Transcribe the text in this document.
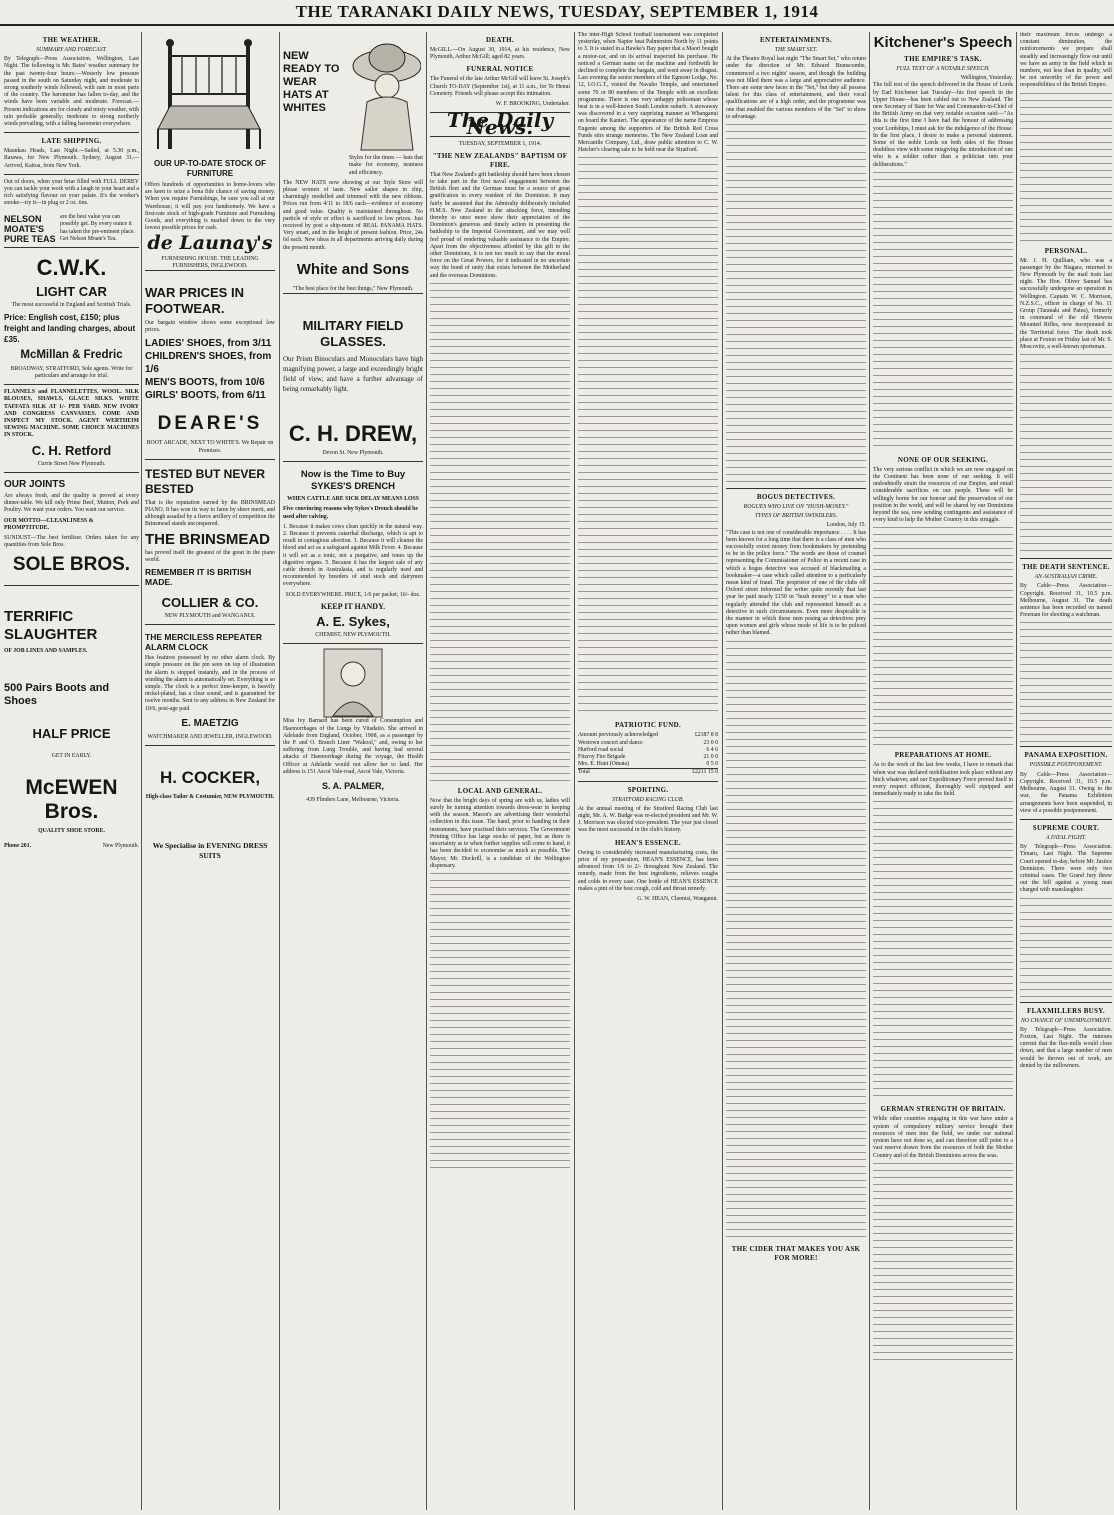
THE TARANAKI DAILY NEWS, TUESDAY, SEPTEMBER 1, 1914
THE WEATHER.
SUMMARY AND FORECAST.
By Telegraph—Press Association. Wellington, Last Night. The following is Mr. Bates' weather summary for the past twenty-four hours:—Westerly low pressure passed in the south on Saturday night, and moderate to strong southerly winds followed, with rain in most parts of the country. The barometer has fallen to-day, and the winds have been variable and moderate. Forecast.—Present indications are for cloudy and misty weather, with rain probable generally; moderate to strong northerly winds prevailing, with a falling barometer everywhere.
LATE SHIPPING.
Maunkau Heads, Last Night.—Sailed, at 5.30 p.m., Rarawa, for New Plymouth. Sydney, August 31.—Arrived, Kaitoa, from New York.
Out of doors, when your briar filled with FULL DERBY you can tackle your work with a laugh in your heart and a rich satisfying flavour on your palate. It's the worker's smoke—try it—in plug or 2 oz. tins.
NELSON MOATE'S PURE TEAS
are the best value you can possibly get. By every ounce it has taken the pre-eminent place. Get Nelson Moate's Tea.
C.W.K.
LIGHT CAR
The most successful in England and Scottish Trials.
Price: English cost, £150; plus freight and landing charges, about £35.
McMillan & Fredric
BROADWAY, STRATFORD, Sole agents. Write for particulars and arrange for trial.
FLANNELS and FLANNELETTES, WOOL. SILK BLOUSES, SHAWLS, GLACE SILKS. WHITE TAFFATA SILK AT 1/- PER YARD. NEW IVORY AND CONGRESS CANVASSES. COME AND INSPECT MY STOCK. AGENT WERTHEIM SEWING MACHINE. SOME CHOICE MACHINES IN STOCK.
C. H. Retford
Currie Street New Plymouth.
OUR JOINTS
Are always fresh, and the quality is proved at every dinner-table. We kill only Prime Beef, Mutton, Pork and Poultry. We want your orders. You want our service.
OUR MOTTO—CLEANLINESS & PROMPTITUDE.
SUNDUST—The best fertiliser. Orders taken for any quantities from Sole Bros.
SOLE BROS.
TERRIFIC SLAUGHTER
OF JOB LINES AND SAMPLES.
500 Pairs Boots and Shoes
HALF PRICE
GET IN EARLY.
McEWEN Bros.
QUALITY SHOE STORE.
Phone 201.	New Plymouth.
OUR UP-TO-DATE STOCK OF FURNITURE
Offers hundreds of opportunities to home-lovers who are keen to seize a bona fide chance of saving money. When you require Furnishings, be sure you call at our Warehouse; it will pay you handsomely. We have a first-rate stock of high-grade Furniture and Furnishing Goods, and everything is marked down to the very lowest possible prices for cash.
de Launay's
FURNISHING HOUSE. THE LEADING FURNISHERS, INGLEWOOD.
WAR PRICES IN FOOTWEAR.
Our bargain window shows some exceptional low prices.
LADIES' SHOES, from 3/11
CHILDREN'S SHOES, from 1/6
MEN'S BOOTS, from 10/6
GIRLS' BOOTS, from 6/11
DEARE'S
BOOT ARCADE, NEXT TO WHITE'S. We Repair on Premises.
TESTED BUT NEVER BESTED
That is the reputation earned by the BRINSMEAD PIANO. It has won its way to fame by sheer merit, and although assailed by a fierce artillery of competition the Brinsmead stands unconquered.
THE BRINSMEAD
has proved itself the greatest of the great in the piano world.
REMEMBER IT IS BRITISH MADE.
COLLIER & CO.
NEW PLYMOUTH and WANGANUI.
THE MERCILESS REPEATER ALARM CLOCK
Has features possessed by no other alarm clock. By simple pressure on the pin seen on top of illustration the alarm is stopped instantly, and in the process of winding the alarm is automatically set. Everything is so simple. The clock is a perfect time-keeper, is heavily nickel-plated, has a clear sound, and is guaranteed for twelve months. Sent to any address in New Zealand for 10/6, post-age paid.
E. MAETZIG
WATCHMAKER AND JEWELLER, INGLEWOOD.
H. COCKER,
High-class Tailor & Costumier, NEW PLYMOUTH.
We Specialise in EVENING DRESS SUITS
NEW READY TO WEAR HATS AT WHITES
Styles for the times — hats that make for economy, neatness and efficiency.
The NEW HATS now showing at our Style Store will please women of taste. New sailor shapes in chip, charmingly modelled and trimmed with the new ribbons. Prices run from 4/11 to 18/6 each—evidence of economy and good value. Quality is maintained throughout. No particle of style or effect is sacrificed to low prices. Just received by post a ship-ment of REAL PANAMA HATS. Very smart, and in the height of present fashion. Price, 24s 6d each. New ideas in all departments arriving daily during the present month.
White and Sons
"The best place for the best things," New Plymouth.
MILITARY FIELD GLASSES.
Our Prism Binoculars and Monoculars have high magnifying power, a large and exceedingly bright field of view, and have a further advantage of being remarkably light.
C. H. DREW,
Devon St. New Plymouth.
Now is the Time to Buy SYKES'S DRENCH
WHEN CATTLE ARE SICK DELAY MEANS LOSS
Five convincing reasons why Sykes's Drench should be used after calving.
1. Because it makes cows clean quickly in the natural way. 2. Because it prevents catarrhal discharge, which is apt to result in contagious abortion. 3. Because it will cleanse the blood and act as a safeguard against Milk Fever. 4. Because it will act as a tonic, not a purgative, and tones up the digestive organs. 5. Because it has the largest sale of any cattle drench in Australasia, and is regularly used and recommended by breeders of stud stock and dairymen everywhere.
SOLD EVERYWHERE. PRICE, 1/6 per packet; 16/- doz.
KEEP IT HANDY.
A. E. Sykes,
CHEMIST, NEW PLYMOUTH.
Miss Ivy Barnard has been cured of Consumption and Haemorrhages of the Lungs by Vitadatio. She arrived in Adelaide from England, October, 1908, as a passenger by the P. and O. Branch Liner "Wakool," and, owing to her suffering from Lung Trouble, and having had several attacks of Haemorrhage during the voyage, the Health Officer at Adelaide would not allow her to land. Her address is 151 Ascot Vale-road, Ascot Vale, Victoria.
S. A. PALMER,
439 Flinders Lane, Melbourne, Victoria.
DEATH.
McGILL.—On August 30, 1914, at his residence, New Plymouth, Arthur McGill; aged 82 years.
FUNERAL NOTICE
The Funeral of the late Arthur McGill will leave St. Joseph's Church TO-DAY (September 1st), at 11 a.m., for Te Henui Cemetery. Friends will please accept this intimation.
W. F. BROOKING, Undertaker.
The Daily News.
TUESDAY, SEPTEMBER 1, 1914.
"THE NEW ZEALANDS" BAPTISM OF FIRE.
That New Zealand's gift battleship should have been chosen to take part in the first naval engagement between the British fleet and the German must be a source of great gratification to every resident of the Dominion. It may fairly be assumed that the Admiralty deliberately included H.M.S. New Zealand in the attacking force, intending thereby to once more show their appreciation of the Dominion's generous and timely action in presenting the battleship to the Imperial Government, and we may well feel proud of rendering valuable assistance to the Empire. Apart from the objectiveness afforded by this gift to the other Dominions, it is not too much to say that the moral force on the Great Powers, for it indicated in no uncertain way the bond of unity that exists between the Motherland and the overseas Dominions.
LOCAL AND GENERAL.
Now that the bright days of spring are with us, ladies will surely be turning attention towards dress-wear in keeping with the season. Mason's are advertising their wonderful collection in this issue. The hand, prior to handing in their instruments, have practised their services. The Government Printing Office has large stocks of paper, but as there is uncertainty as to when further supplies will come to hand, it has been decided to economise as much as possible. The Mayor, Mr. Dockrill, is a candidate of the Wellington dispensary.
The inter-High School football tournament was completed yesterday, when Napier beat Palmerston North by 11 points to 3. It is stated in a Hawke's Bay paper that a Maori bought a motor-car, and on its arrival inspected his purchase. He noticed a German name on the machine and forthwith he declined to complete the bargain, and went away in disgust. Last evening the senior members of the Egmont Lodge, No. 12, I.O.G.T., visited the Navaho Temple, and entertained some 70 or 80 members of the Temple with an excellent programme. There is one very unhappy policeman whose beat is in a well-known South London suburb. A stowaway was discovered in a very surprising manner at Whanganui on board the Kanieri. The appearance of the name Empress Eugenie among the supporters of the British Red Cross Funds stirs strange memories. The New Zealand Loan and Mercantile Company, Ltd., draw public attention to C. W. Hatcher's clearing sale to be held near the Stratford.
PATRIOTIC FUND.
Amount previously acknowledged	£2187 8 8
Westown concert and dance	23 0 0
Hurford road social	6 4 6
Fitzroy Fire Brigade	21 0 0
Mrs. E. Hunt (Omata)	0 5 0
Total	£2211 15 0
SPORTING.
STRATFORD RACING CLUB.
At the annual meeting of the Stratford Racing Club last night, Mr. A. W. Budge was re-elected president and Mr. W. J. Morrison was elected vice-president. The year just closed was the most successful in the club's history.
HEAN'S ESSENCE.
Owing to considerably increased manufacturing costs, the price of my preparation, HEAN'S ESSENCE, has been advanced from 1/6 to 2/- throughout New Zealand. The remedy, made from the best ingredients, relieves coughs and colds in every case. One bottle of HEAN'S ESSENCE makes a pint of the best cough, cold and throat remedy.
G. W. HEAN, Chemist, Wanganui.
ENTERTAINMENTS.
THE SMART SET.
At the Theatre Royal last night "The Smart Set," who return under the direction of Mr. Edward Branscombe, commenced a two nights' season, and though the building was not filled there was a large and appreciative audience. There are some new faces in the "Set," but they all possess talent for this class of entertainment, and their vocal qualifications are of a high order, and the programme was one that enabled the various members of the "Set" to show to advantage.
BOGUS DETECTIVES.
ROGUES WHO LIVE ON "HUSH-MONEY."
TYPES OF BRITISH SWINDLERS.
London, July 15.
"This case is not one of considerable importance . . . . It has been known for a long time that there is a class of men who successfully extort money from bookmakers by pretending to be in the police force." The words are those of counsel representing the Commissioner of Police in a recent case in which a bogus detective was accused of blackmailing a bookmaker—a case which called attention to a particularly mean kind of fraud. The proprietor of one of the clubs off Oxford street informed the writer quite recently that last year he paid nearly £150 in "hush money" to a man who regularly attended the club and represented himself as a detective in such circumstances. Even more despicable is the manner in which these men posing as detectives prey upon women and girls whose mode of life is to be policed rather than blamed.
THE CIDER THAT MAKES YOU ASK FOR MORE!
Kitchener's Speech
THE EMPIRE'S TASK.
FULL TEXT OF A NOTABLE SPEECH.
Wellington, Yesterday.
The full text of the speech delivered in the House of Lords by Earl Kitchener last Tuesday—his first speech in the Upper House—has been cabled out to New Zealand. The new Secretary of State for War and Commander-in-Chief of the British Army on that very notable occasion said:—"As this is the first time I have had the honour of addressing your Lordships, I must ask for the indulgence of the House. In the first place, I desire to make a personal statement. Some of the noble Lords on both sides of the House doubtless view with some misgiving the introduction of one who is a soldier rather than a politician into your deliberations."
NONE OF OUR SEEKING.
The very serious conflict in which we are now engaged on the Continent has been none of our seeking. It will undoubtedly strain the resources of our Empire, and entail considerable sacrifices on our people. These will be willingly borne for our honour and the preservation of our position in the world, and will be shared by our Dominions beyond the sea, now sending contingents and assistance of every kind to help the Mother Country in this struggle.
PREPARATIONS AT HOME.
As to the work of the last few weeks, I have to remark that when war was declared mobilisation took place without any hitch whatever, and our Expeditionary Force proved itself in every respect efficient, thoroughly well equipped and immediately ready to take the field.
GERMAN STRENGTH OF BRITAIN.
While other countries engaging in this war have under a system of compulsory military service brought their resources of men into the field, we under our national system have not done so, and can therefore still point to a vast reserve drawn from the resources of both the Mother Country and of the British Dominions across the seas.
their maximum forces undergo a constant diminution, the reinforcements we prepare shall steadily and increasingly flow out until we have an army in the field which in numbers, not less than in quality, will be not unworthy of the power and responsibilities of the British Empire.
PERSONAL.
Mr. J. H. Quilliam, who was a passenger by the Niagara, returned to New Plymouth by the mail train last night. The Hon. Oliver Samuel has successfully undergone an operation in Wellington. Captain W. C. Morrison, N.Z.S.C., officer in charge of No. 11 Group (Taranaki and Patea), formerly in command of the old Hawera Mounted Rifles, now incorporated in the Territorial force. The death took place at Foxton on Friday last of Mr. S. Moscovitz, a well-known sportsman.
THE DEATH SENTENCE.
AN AUSTRALIAN CRIME.
By Cable—Press Association—Copyright. Received 31, 10.5 p.m. Melbourne, August 31. The death sentence has been recorded on named Freeman for shooting a watchman.
PANAMA EXPOSITION.
POSSIBLE POSTPONEMENT.
By Cable—Press Association—Copyright. Received 31, 10.5 p.m. Melbourne, August 31. Owing to the war, the Panama Exhibition arrangements have been suspended, in view of a possible postponement.
SUPREME COURT.
A FATAL FIGHT.
By Telegraph—Press Association. Timaru, Last Night. The Supreme Court opened to-day, before Mr. Justice Denniston. There were only two criminal cases. The Grand Jury threw out the bill against a young man charged with manslaughter.
FLAXMILLERS BUSY.
NO CHANCE OF UNEMPLOYMENT.
By Telegraph—Press Association. Foxton, Last Night. The rumours current that the flax-mills would close down, and that a large number of men would be thrown out of work, are denied by the millowners.
